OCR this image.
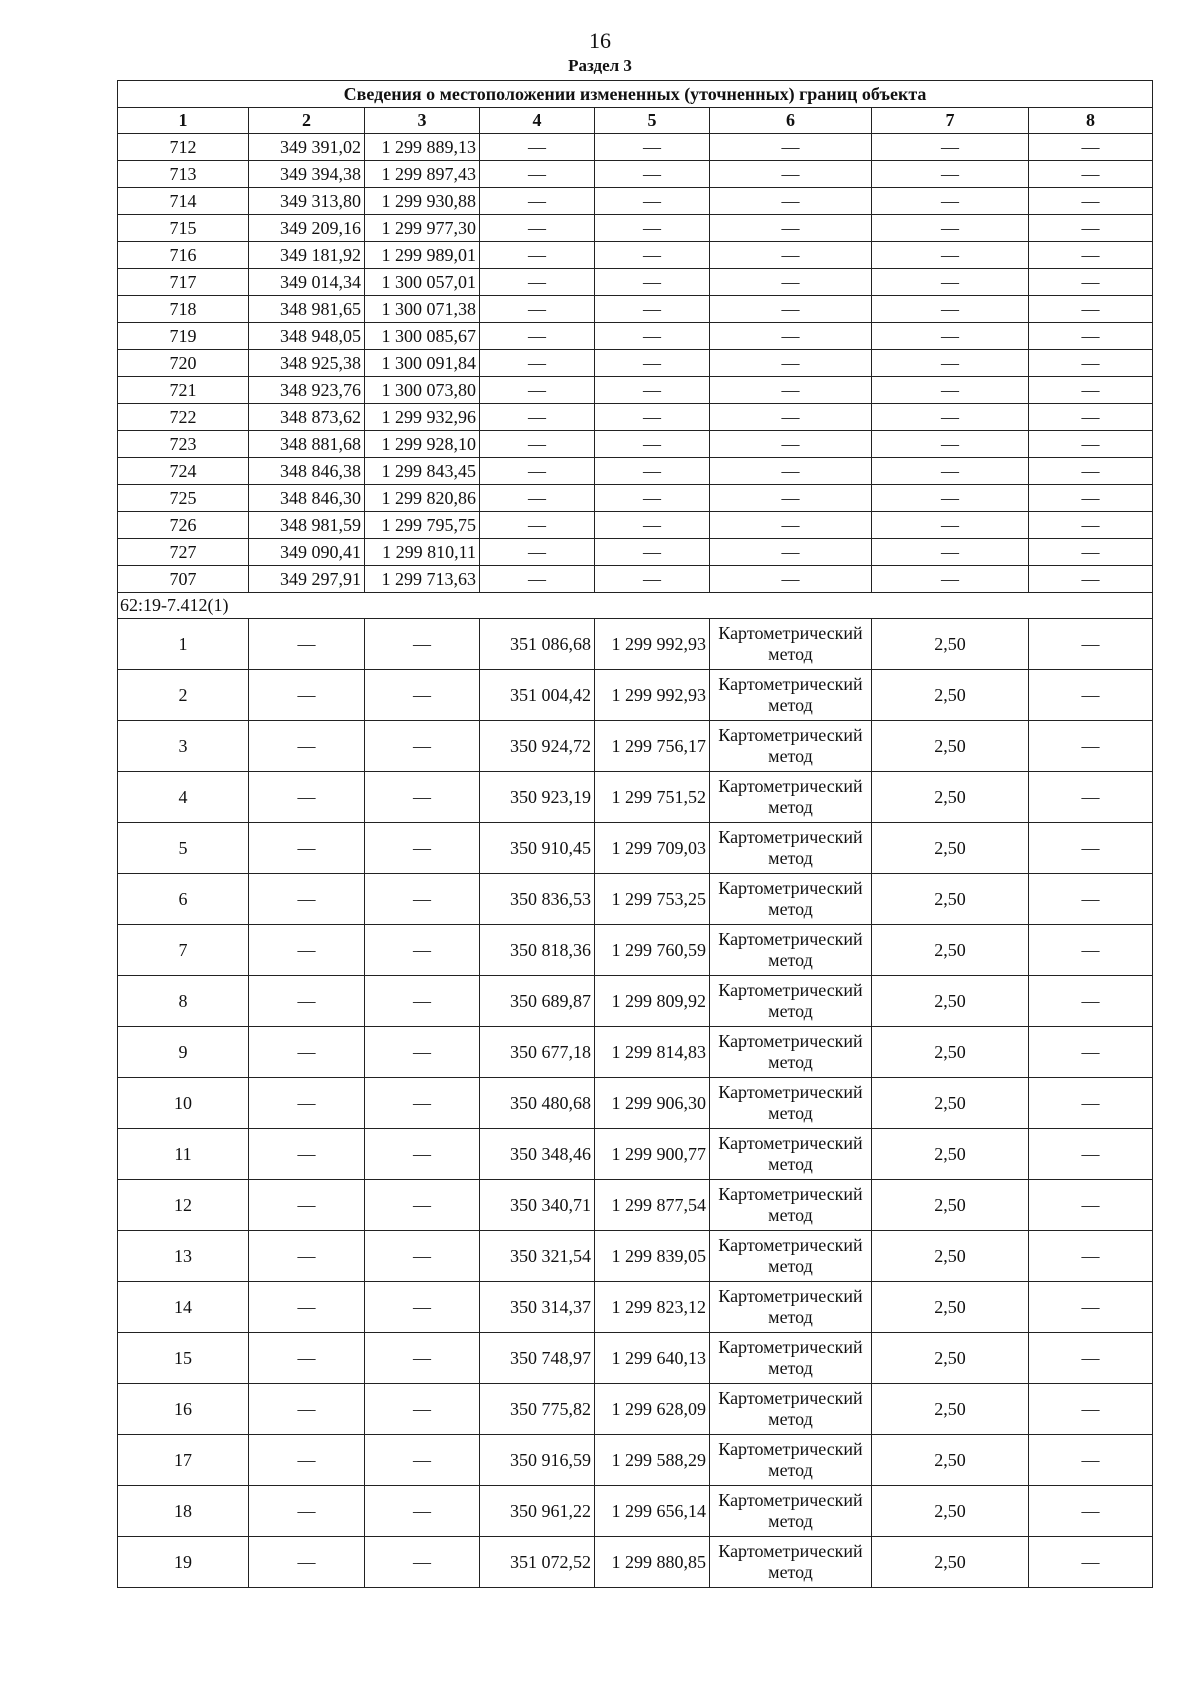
16
Раздел 3
Сведения о местоположении измененных (уточненных) границ объекта							
1	2	3	4	5	6	7	8
712	349 391,02	1 299 889,13	—	—	—	—	—
713	349 394,38	1 299 897,43	—	—	—	—	—
714	349 313,80	1 299 930,88	—	—	—	—	—
715	349 209,16	1 299 977,30	—	—	—	—	—
716	349 181,92	1 299 989,01	—	—	—	—	—
717	349 014,34	1 300 057,01	—	—	—	—	—
718	348 981,65	1 300 071,38	—	—	—	—	—
719	348 948,05	1 300 085,67	—	—	—	—	—
720	348 925,38	1 300 091,84	—	—	—	—	—
721	348 923,76	1 300 073,80	—	—	—	—	—
722	348 873,62	1 299 932,96	—	—	—	—	—
723	348 881,68	1 299 928,10	—	—	—	—	—
724	348 846,38	1 299 843,45	—	—	—	—	—
725	348 846,30	1 299 820,86	—	—	—	—	—
726	348 981,59	1 299 795,75	—	—	—	—	—
727	349 090,41	1 299 810,11	—	—	—	—	—
707	349 297,91	1 299 713,63	—	—	—	—	—
62:19-7.412(1)							
1	—	—	351 086,68	1 299 992,93	Картометрический метод	2,50	—
2	—	—	351 004,42	1 299 992,93	Картометрический метод	2,50	—
3	—	—	350 924,72	1 299 756,17	Картометрический метод	2,50	—
4	—	—	350 923,19	1 299 751,52	Картометрический метод	2,50	—
5	—	—	350 910,45	1 299 709,03	Картометрический метод	2,50	—
6	—	—	350 836,53	1 299 753,25	Картометрический метод	2,50	—
7	—	—	350 818,36	1 299 760,59	Картометрический метод	2,50	—
8	—	—	350 689,87	1 299 809,92	Картометрический метод	2,50	—
9	—	—	350 677,18	1 299 814,83	Картометрический метод	2,50	—
10	—	—	350 480,68	1 299 906,30	Картометрический метод	2,50	—
11	—	—	350 348,46	1 299 900,77	Картометрический метод	2,50	—
12	—	—	350 340,71	1 299 877,54	Картометрический метод	2,50	—
13	—	—	350 321,54	1 299 839,05	Картометрический метод	2,50	—
14	—	—	350 314,37	1 299 823,12	Картометрический метод	2,50	—
15	—	—	350 748,97	1 299 640,13	Картометрический метод	2,50	—
16	—	—	350 775,82	1 299 628,09	Картометрический метод	2,50	—
17	—	—	350 916,59	1 299 588,29	Картометрический метод	2,50	—
18	—	—	350 961,22	1 299 656,14	Картометрический метод	2,50	—
19	—	—	351 072,52	1 299 880,85	Картометрический метод	2,50	—
